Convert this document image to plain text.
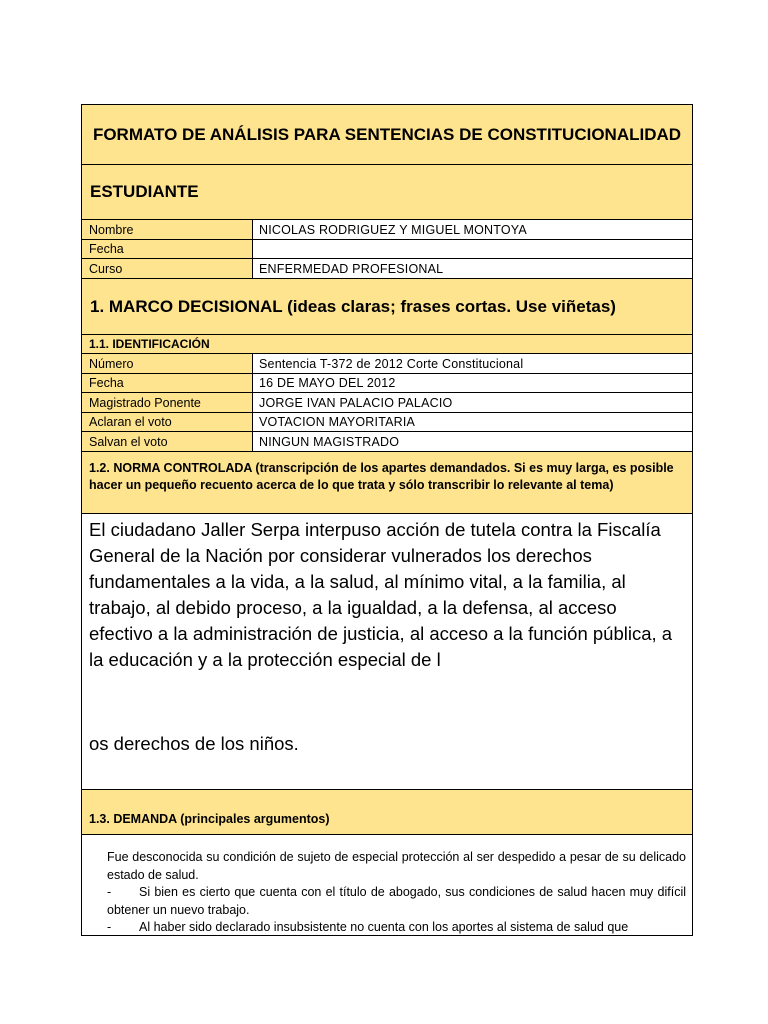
FORMATO DE ANÁLISIS PARA SENTENCIAS DE CONSTITUCIONALIDAD
ESTUDIANTE
Nombre	NICOLAS RODRIGUEZ Y MIGUEL MONTOYA
Fecha
Curso	ENFERMEDAD PROFESIONAL
1. MARCO DECISIONAL (ideas claras; frases cortas. Use viñetas)
1.1. IDENTIFICACIÓN
Número	Sentencia T-372 de 2012 Corte Constitucional
Fecha	16 DE MAYO DEL 2012
Magistrado Ponente	JORGE IVAN PALACIO PALACIO
Aclaran el voto	VOTACION MAYORITARIA
Salvan el voto	NINGUN MAGISTRADO
1.2. NORMA CONTROLADA (transcripción de los apartes demandados. Si es muy larga, es posible hacer un pequeño recuento acerca de lo que trata y sólo transcribir lo relevante al tema)
El ciudadano Jaller Serpa interpuso acción de tutela contra la Fiscalía General de la Nación por considerar vulnerados los derechos fundamentales a la vida, a la salud, al mínimo vital, a la familia, al trabajo, al debido proceso, a la igualdad, a la defensa, al acceso efectivo a la administración de justicia, al acceso a la función pública, a la educación y a la protección especial de l
os derechos de los niños.
1.3. DEMANDA (principales argumentos)

Fue desconocida su condición de sujeto de especial protección al ser despedido a pesar de su delicado estado de salud.

- Si bien es cierto que cuenta con el título de abogado, sus condiciones de salud hacen muy difícil obtener un nuevo trabajo.

- Al haber sido declarado insubsistente no cuenta con los aportes al sistema de salud que
